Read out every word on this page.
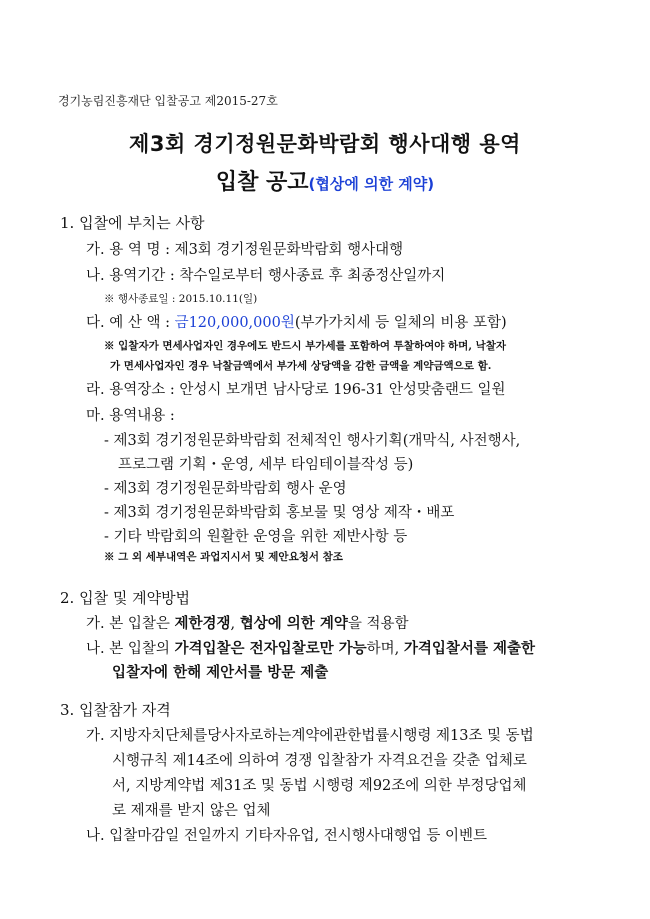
경기농림진흥재단 입찰공고 제2015-27호
제3회 경기정원문화박람회 행사대행 용역
입찰 공고(협상에 의한 계약)
1. 입찰에 부치는 사항
가. 용 역 명 : 제3회 경기정원문화박람회 행사대행
나. 용역기간 : 착수일로부터 행사종료 후 최종정산일까지
※ 행사종료일 : 2015.10.11(일)
다. 예 산 액 : 금120,000,000원(부가가치세 등 일체의 비용 포함)
※ 입찰자가 면세사업자인 경우에도 반드시 부가세를 포함하여 투찰하여야 하며, 낙찰자
가 면세사업자인 경우 낙찰금액에서 부가세 상당액을 감한 금액을 계약금액으로 함.
라. 용역장소 : 안성시 보개면 남사당로 196-31 안성맞춤랜드 일원
마. 용역내용 :
- 제3회 경기정원문화박람회 전체적인 행사기획(개막식, 사전행사,
프로그램 기획・운영, 세부 타임테이블작성 등)
- 제3회 경기정원문화박람회 행사 운영
- 제3회 경기정원문화박람회 홍보물 및 영상 제작・배포
- 기타 박람회의 원활한 운영을 위한 제반사항 등
※ 그 외 세부내역은 과업지시서 및 제안요청서 참조
2. 입찰 및 계약방법
가. 본 입찰은 제한경쟁, 협상에 의한 계약을 적용함
나. 본 입찰의 가격입찰은 전자입찰로만 가능하며, 가격입찰서를 제출한
입찰자에 한해 제안서를 방문 제출
3. 입찰참가 자격
가. 지방자치단체를당사자로하는계약에관한법률시행령 제13조 및 동법
시행규칙 제14조에 의하여 경쟁 입찰참가 자격요건을 갖춘 업체로
서, 지방계약법 제31조 및 동법 시행령 제92조에 의한 부정당업체
로 제재를 받지 않은 업체
나. 입찰마감일 전일까지 기타자유업, 전시행사대행업 등 이벤트
